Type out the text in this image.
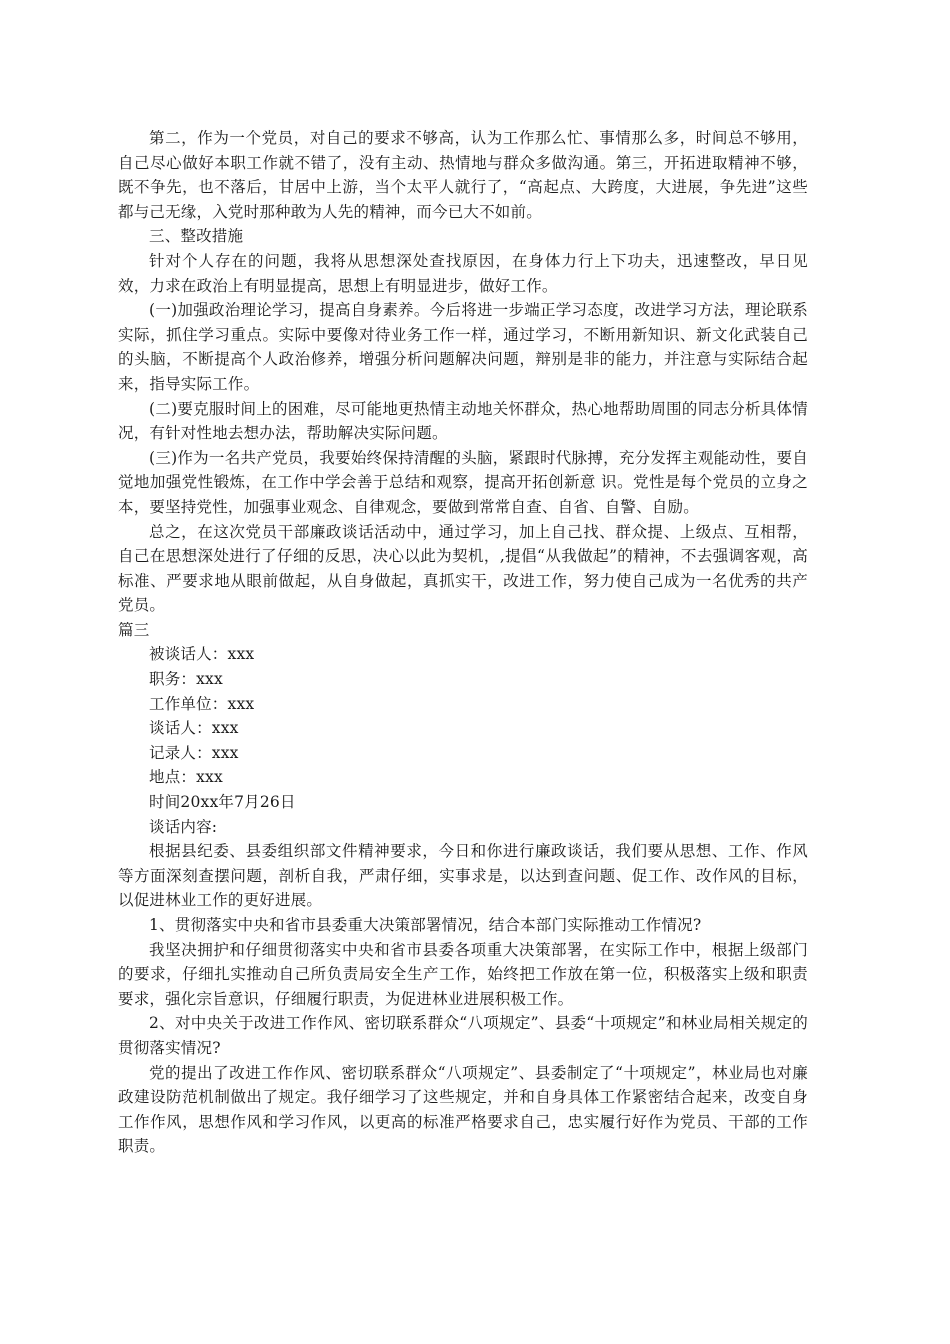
第二，作为一个党员，对自己的要求不够高，认为工作那么忙、事情那么多，时间总不够用，自己尽心做好本职工作就不错了，没有主动、热情地与群众多做沟通。第三，开拓进取精神不够，既不争先，也不落后，甘居中上游，当个太平人就行了，“高起点、大跨度，大进展，争先进”这些都与己无缘，入党时那种敢为人先的精神，而今已大不如前。

三、整改措施

针对个人存在的问题，我将从思想深处查找原因，在身体力行上下功夫，迅速整改，早日见效，力求在政治上有明显提高，思想上有明显进步，做好工作。

(一)加强政治理论学习，提高自身素养。今后将进一步端正学习态度，改进学习方法，理论联系实际，抓住学习重点。实际中要像对待业务工作一样，通过学习，不断用新知识、新文化武装自己的头脑，不断提高个人政治修养，增强分析问题解决问题，辩别是非的能力，并注意与实际结合起来，指导实际工作。

(二)要克服时间上的困难，尽可能地更热情主动地关怀群众，热心地帮助周围的同志分析具体情况，有针对性地去想办法，帮助解决实际问题。

(三)作为一名共产党员，我要始终保持清醒的头脑，紧跟时代脉搏，充分发挥主观能动性，要自觉地加强党性锻炼，在工作中学会善于总结和观察，提高开拓创新意 识。党性是每个党员的立身之本，要坚持党性，加强事业观念、自律观念，要做到常常自查、自省、自警、自励。

总之，在这次党员干部廉政谈话活动中，通过学习，加上自己找、群众提、上级点、互相帮，自己在思想深处进行了仔细的反思，决心以此为契机，,提倡“从我做起”的精神，不去强调客观，高标准、严要求地从眼前做起，从自身做起，真抓实干，改进工作，努力使自己成为一名优秀的共产党员。

篇三

被谈话人：xxx

职务：xxx

工作单位：xxx

谈话人：xxx

记录人：xxx

地点：xxx

时间20xx年7月26日

谈话内容:

根据县纪委、县委组织部文件精神要求，今日和你进行廉政谈话，我们要从思想、工作、作风等方面深刻查摆问题，剖析自我，严肃仔细，实事求是，以达到查问题、促工作、改作风的目标，以促进林业工作的更好进展。

1、贯彻落实中央和省市县委重大决策部署情况，结合本部门实际推动工作情况?

我坚决拥护和仔细贯彻落实中央和省市县委各项重大决策部署，在实际工作中，根据上级部门的要求，仔细扎实推动自己所负责局安全生产工作，始终把工作放在第一位，积极落实上级和职责要求，强化宗旨意识，仔细履行职责，为促进林业进展积极工作。

2、对中央关于改进工作作风、密切联系群众“八项规定”、县委“十项规定”和林业局相关规定的贯彻落实情况?

党的提出了改进工作作风、密切联系群众“八项规定”、县委制定了“十项规定”，林业局也对廉政建设防范机制做出了规定。我仔细学习了这些规定，并和自身具体工作紧密结合起来，改变自身工作作风，思想作风和学习作风，以更高的标准严格要求自己，忠实履行好作为党员、干部的工作职责。
